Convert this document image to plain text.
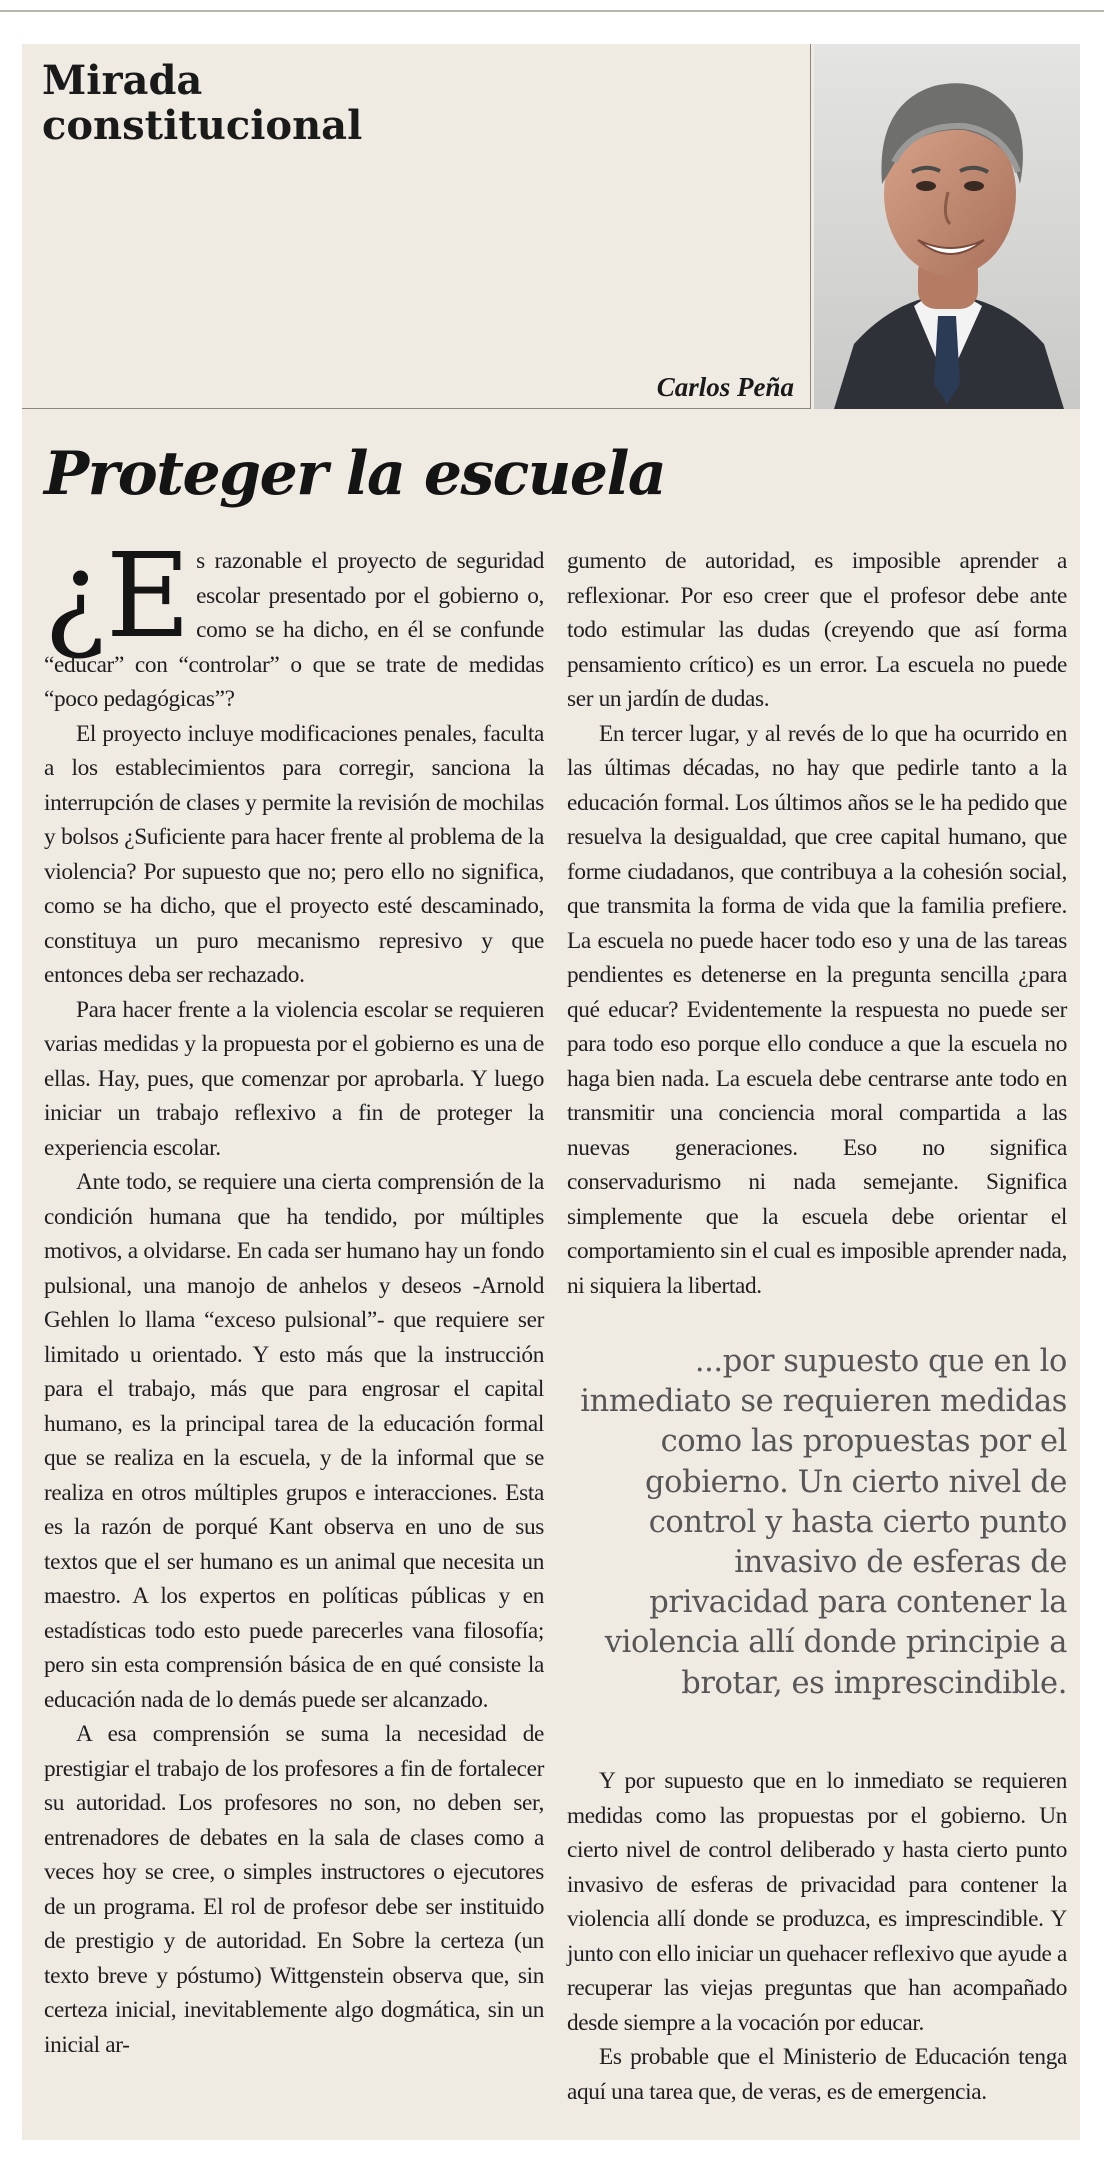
Mirada constitucional
Carlos Peña
Proteger la escuela

¿E s razonable el proyecto de seguridad escolar presentado por el gobierno o, como se ha dicho, en él se confunde “educar” con “controlar” o que se trate de medidas “poco pedagógicas”?

El proyecto incluye modificaciones penales, faculta a los establecimientos para corregir, sanciona la interrupción de clases y permite la revisión de mochilas y bolsos ¿Suficiente para hacer frente al problema de la violencia? Por supuesto que no; pero ello no significa, como se ha dicho, que el proyecto esté descaminado, constituya un puro mecanismo represivo y que entonces deba ser rechazado.

Para hacer frente a la violencia escolar se requieren varias medidas y la propuesta por el gobierno es una de ellas. Hay, pues, que comenzar por aprobarla. Y luego iniciar un trabajo reflexivo a fin de proteger la experiencia escolar.

Ante todo, se requiere una cierta comprensión de la condición humana que ha tendido, por múltiples motivos, a olvidarse. En cada ser humano hay un fondo pulsional, una manojo de anhelos y deseos -Arnold Gehlen lo llama “exceso pulsional”- que requiere ser limitado u orientado. Y esto más que la instrucción para el trabajo, más que para engrosar el capital humano, es la principal tarea de la educación formal que se realiza en la escuela, y de la informal que se realiza en otros múltiples grupos e interacciones. Esta es la razón de porqué Kant observa en uno de sus textos que el ser humano es un animal que necesita un maestro. A los expertos en políticas públicas y en estadísticas todo esto puede parecerles vana filosofía; pero sin esta comprensión básica de en qué consiste la educación nada de lo demás puede ser alcanzado.

A esa comprensión se suma la necesidad de prestigiar el trabajo de los profesores a fin de fortalecer su autoridad. Los profesores no son, no deben ser, entrenadores de debates en la sala de clases como a veces hoy se cree, o simples instructores o ejecutores de un programa. El rol de profesor debe ser instituido de prestigio y de autoridad. En Sobre la certeza (un texto breve y póstumo) Wittgenstein observa que, sin certeza inicial, inevitablemente algo dogmática, sin un inicial ar-

gumento de autoridad, es imposible aprender a reflexionar. Por eso creer que el profesor debe ante todo estimular las dudas (creyendo que así forma pensamiento crítico) es un error. La escuela no puede ser un jardín de dudas.

En tercer lugar, y al revés de lo que ha ocurrido en las últimas décadas, no hay que pedirle tanto a la educación formal. Los últimos años se le ha pedido que resuelva la desigualdad, que cree capital humano, que forme ciudadanos, que contribuya a la cohesión social, que transmita la forma de vida que la familia prefiere. La escuela no puede hacer todo eso y una de las tareas pendientes es detenerse en la pregunta sencilla ¿para qué educar? Evidentemente la respuesta no puede ser para todo eso porque ello conduce a que la escuela no haga bien nada. La escuela debe centrarse ante todo en transmitir una conciencia moral compartida a las nuevas generaciones. Eso no significa conservadurismo ni nada semejante. Significa simplemente que la escuela debe orientar el comportamiento sin el cual es imposible aprender nada, ni siquiera la libertad.

...por supuesto que en lo inmediato se requieren medidas como las propuestas por el gobierno. Un cierto nivel de control y hasta cierto punto invasivo de esferas de privacidad para contener la violencia allí donde principie a brotar, es imprescindible.

Y por supuesto que en lo inmediato se requieren medidas como las propuestas por el gobierno. Un cierto nivel de control deliberado y hasta cierto punto invasivo de esferas de privacidad para contener la violencia allí donde se produzca, es imprescindible. Y junto con ello iniciar un quehacer reflexivo que ayude a recuperar las viejas preguntas que han acompañado desde siempre a la vocación por educar.

Es probable que el Ministerio de Educación tenga aquí una tarea que, de veras, es de emergencia.
